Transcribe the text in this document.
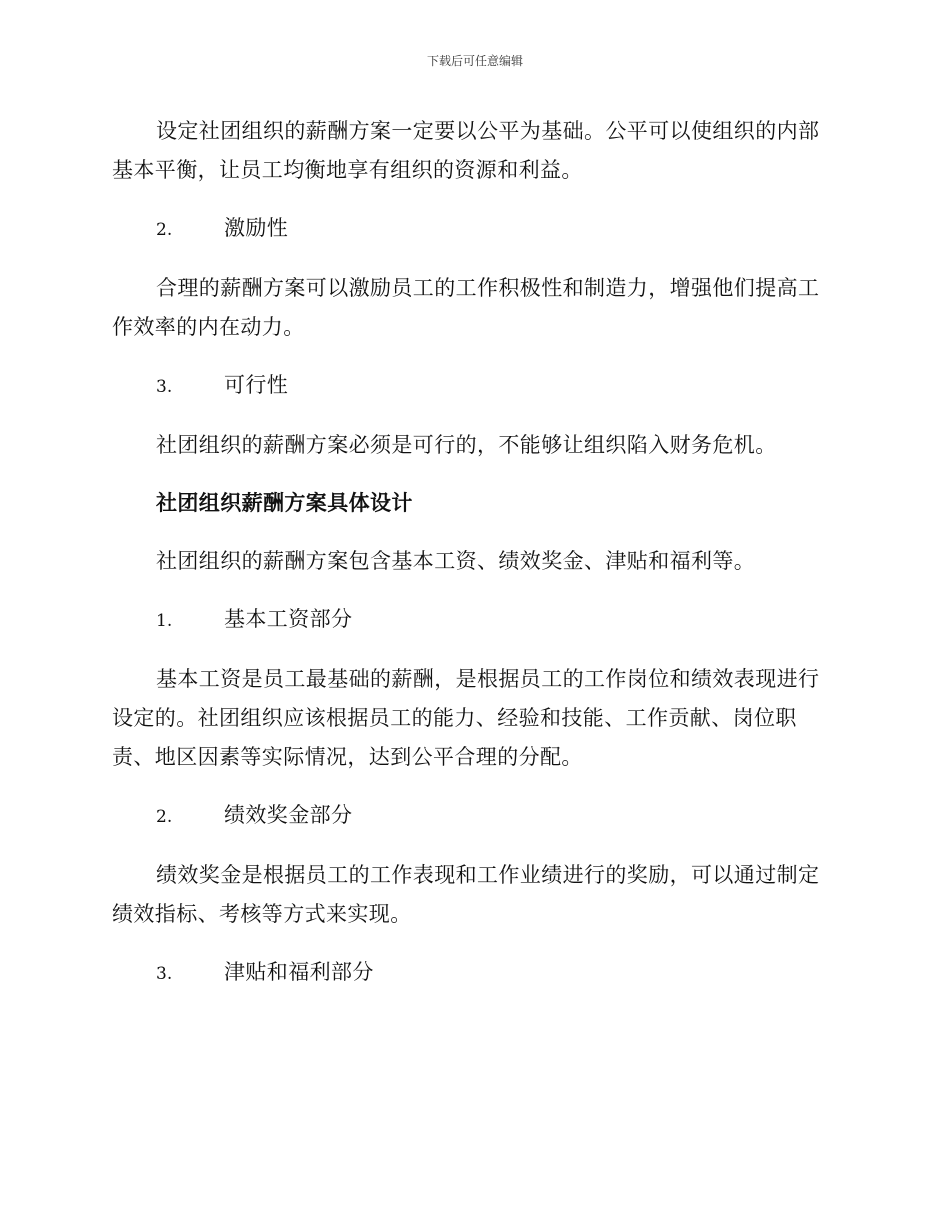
下载后可任意编辑

设定社团组织的薪酬方案一定要以公平为基础。公平可以使组织的内部基本平衡，让员工均衡地享有组织的资源和利益。

2.	激励性

合理的薪酬方案可以激励员工的工作积极性和制造力，增强他们提高工作效率的内在动力。

3.	可行性

社团组织的薪酬方案必须是可行的，不能够让组织陷入财务危机。

社团组织薪酬方案具体设计

社团组织的薪酬方案包含基本工资、绩效奖金、津贴和福利等。

1.	基本工资部分

基本工资是员工最基础的薪酬，是根据员工的工作岗位和绩效表现进行设定的。社团组织应该根据员工的能力、经验和技能、工作贡献、岗位职责、地区因素等实际情况，达到公平合理的分配。

2.	绩效奖金部分

绩效奖金是根据员工的工作表现和工作业绩进行的奖励，可以通过制定绩效指标、考核等方式来实现。

3.	津贴和福利部分
